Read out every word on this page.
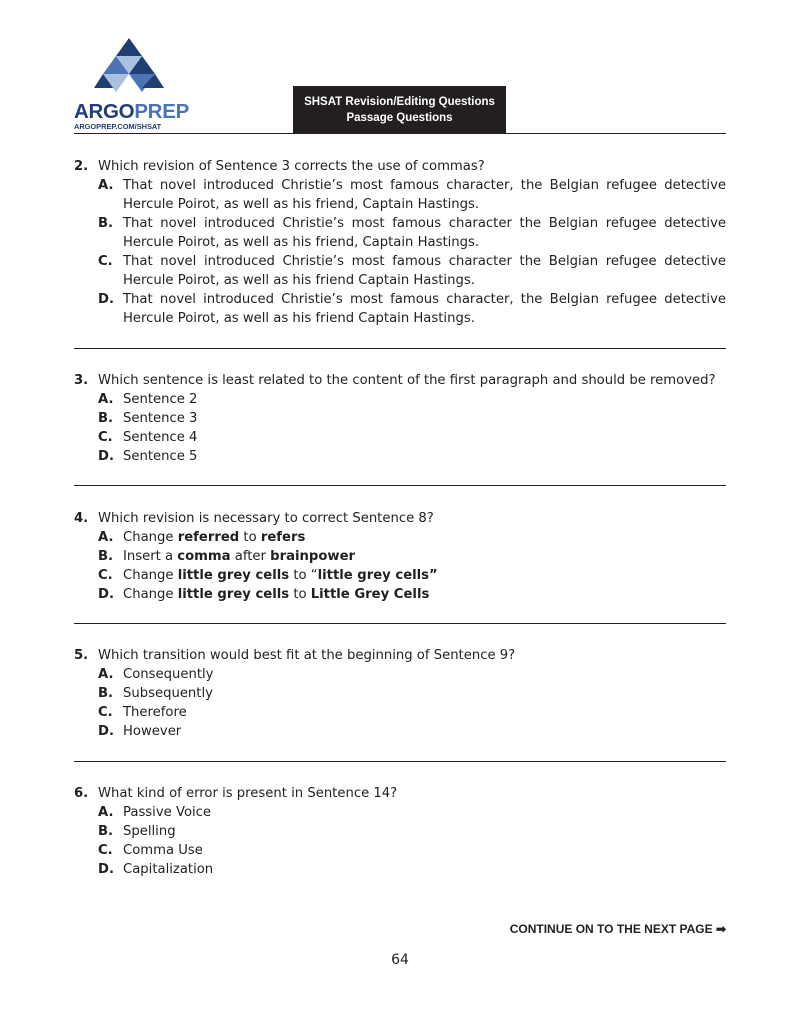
ARGOPREP
ARGOPREP.COM/SHSAT
SHSAT Revision/Editing Questions
Passage Questions
2. Which revision of Sentence 3 corrects the use of commas?
A. That novel introduced Christie’s most famous character, the Belgian refugee detective Hercule Poirot, as well as his friend, Captain Hastings.
B. That novel introduced Christie’s most famous character the Belgian refugee detective Hercule Poirot, as well as his friend, Captain Hastings.
C. That novel introduced Christie’s most famous character the Belgian refugee detective Hercule Poirot, as well as his friend Captain Hastings.
D. That novel introduced Christie’s most famous character, the Belgian refugee detective Hercule Poirot, as well as his friend Captain Hastings.
3. Which sentence is least related to the content of the first paragraph and should be removed?
A. Sentence 2
B. Sentence 3
C. Sentence 4
D. Sentence 5
4. Which revision is necessary to correct Sentence 8?
A. Change referred to refers
B. Insert a comma after brainpower
C. Change little grey cells to “little grey cells”
D. Change little grey cells to Little Grey Cells
5. Which transition would best fit at the beginning of Sentence 9?
A. Consequently
B. Subsequently
C. Therefore
D. However
6. What kind of error is present in Sentence 14?
A. Passive Voice
B. Spelling
C. Comma Use
D. Capitalization
CONTINUE ON TO THE NEXT PAGE ➡
64
